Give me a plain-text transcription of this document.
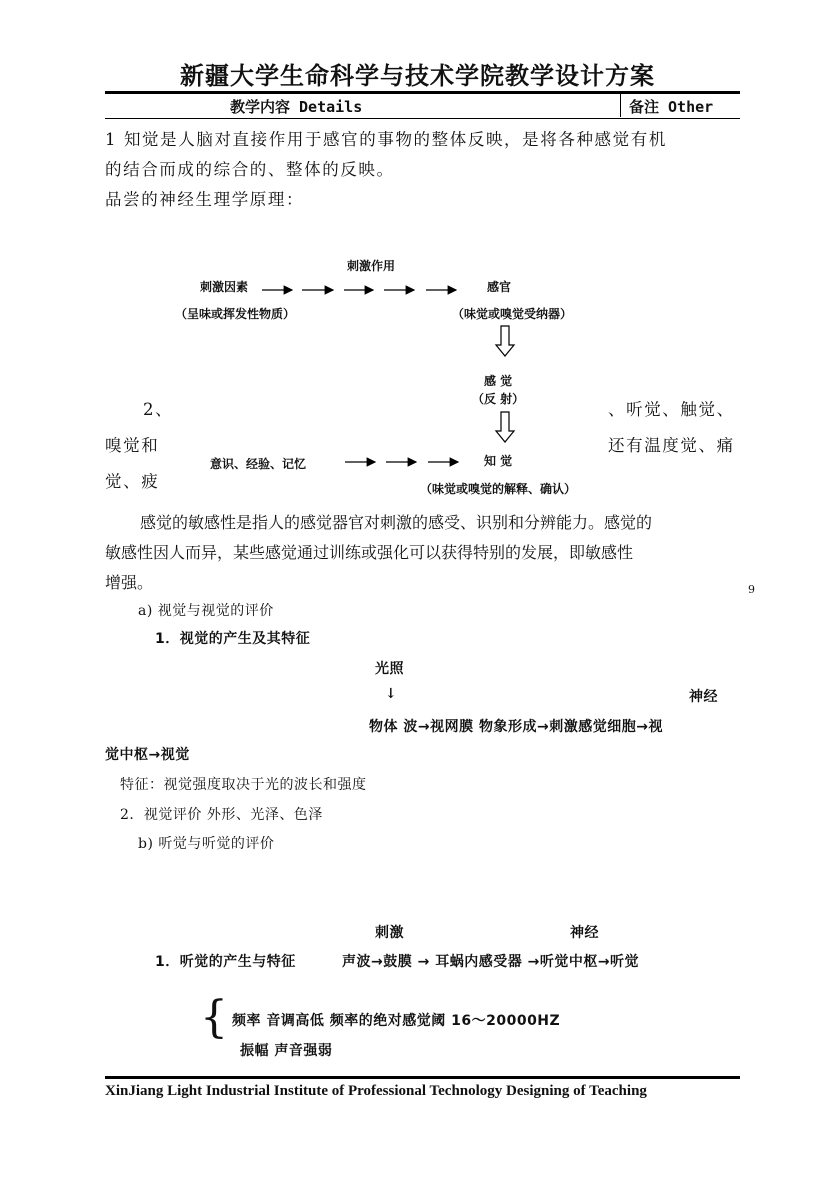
新疆大学生命科学与技术学院教学设计方案
教学内容 Details	备注 Other
1 知觉是人脑对直接作用于感官的事物的整体反映，是将各种感觉有机
的结合而成的综合的、整体的反映。
品尝的神经生理学原理：
刺激作用
刺激因素
（呈味或挥发性物质）
感官
（味觉或嗅觉受纳器）
感 觉
（反 射）
意识、经验、记忆	知 觉
（味觉或嗅觉的解释、确认）
2、
嗅觉和
觉、疲
、听觉、触觉、
还有温度觉、痛
感觉的敏感性是指人的感觉器官对刺激的感受、识别和分辨能力。感觉的
敏感性因人而异，某些感觉通过训练或强化可以获得特别的发展，即敏感性
增强。	9
a) 视觉与视觉的评价
1．视觉的产生及其特征
光照
↓	神经
物体 波→视网膜 物象形成→刺激感觉细胞→视
觉中枢→视觉
特征：视觉强度取决于光的波长和强度
2．视觉评价 外形、光泽、色泽
b) 听觉与听觉的评价
刺激	神经
1．听觉的产生与特征	声波→鼓膜 → 耳蜗内感受器 →听觉中枢→听觉
{ 频率 音调高低 频率的绝对感觉阈 16～20000HZ
振幅 声音强弱
XinJiang Light Industrial Institute of Professional Technology Designing of Teaching
